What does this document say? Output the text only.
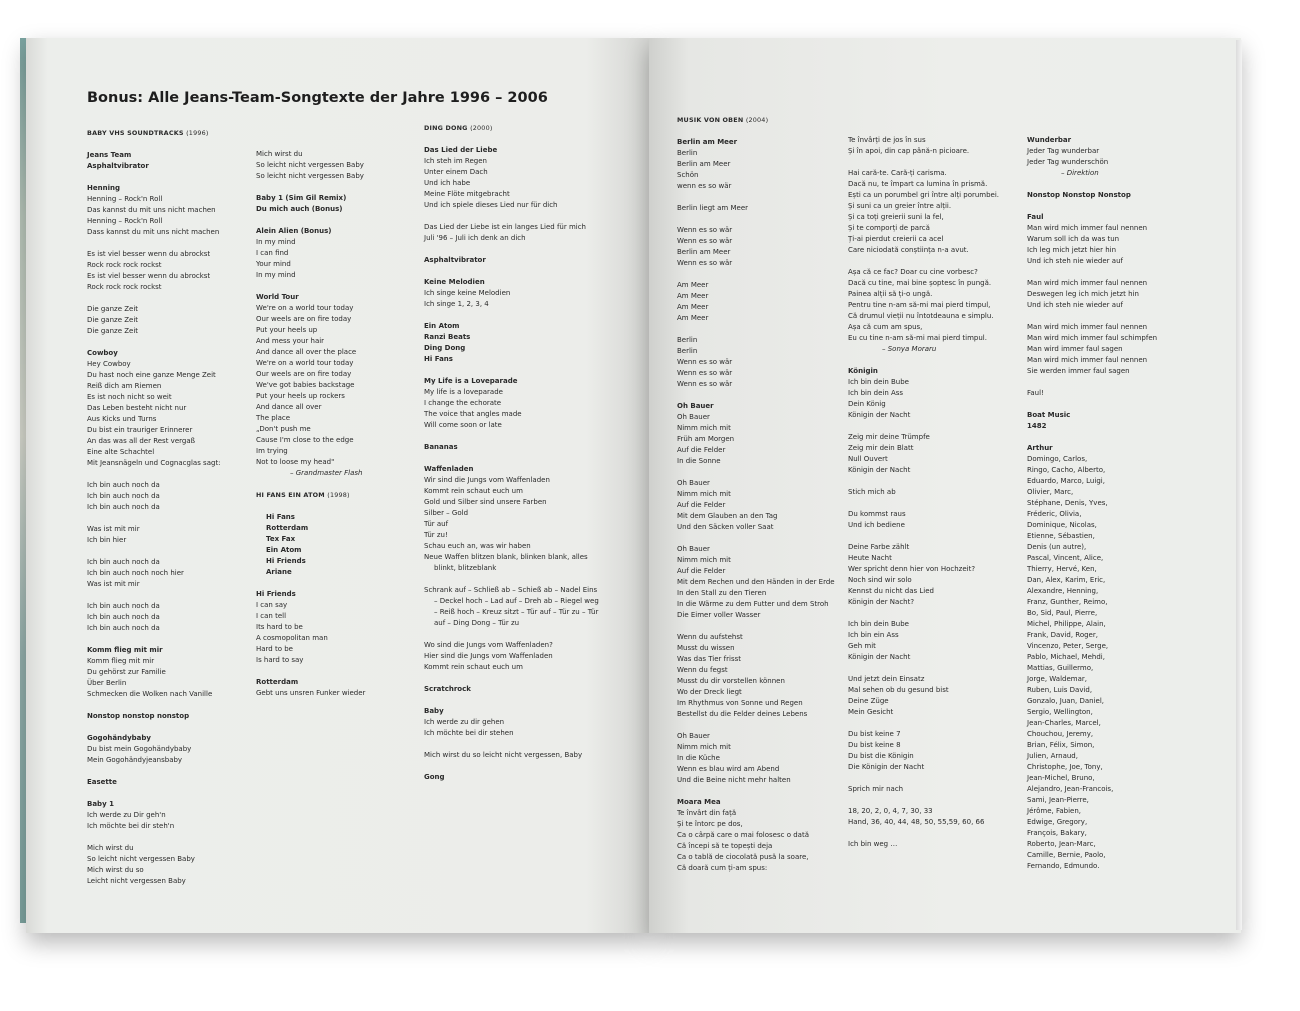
Bonus: Alle Jeans-Team-Songtexte der Jahre 1996 – 2006
BABY VHS SOUNDTRACKS (1996)
Jeans Team
Asphaltvibrator
Henning
Henning – Rock'n Roll
Das kannst du mit uns nicht machen
Henning – Rock'n Roll
Dass kannst du mit uns nicht machen
Es ist viel besser wenn du abrockst
Rock rock rock rockst
Es ist viel besser wenn du abrockst
Rock rock rock rockst
Die ganze Zeit
Die ganze Zeit
Die ganze Zeit
Cowboy
Hey Cowboy
Du hast noch eine ganze Menge Zeit
Reiß dich am Riemen
Es ist noch nicht so weit
Das Leben besteht nicht nur
Aus Kicks und Turns
Du bist ein trauriger Erinnerer
An das was all der Rest vergaß
Eine alte Schachtel
Mit Jeansnägeln und Cognacglas sagt:
Ich bin auch noch da
Ich bin auch noch da
Ich bin auch noch da
Was ist mit mir
Ich bin hier
Ich bin auch noch da
Ich bin auch noch noch hier
Was ist mit mir
Ich bin auch noch da
Ich bin auch noch da
Ich bin auch noch da
Komm flieg mit mir
Komm flieg mit mir
Du gehörst zur Familie
Über Berlin
Schmecken die Wolken nach Vanille
Nonstop nonstop nonstop
Gogohändybaby
Du bist mein Gogohändybaby
Mein Gogohändyjeansbaby
Easette
Baby 1
Ich werde zu Dir geh'n
Ich möchte bei dir steh'n
Mich wirst du
So leicht nicht vergessen Baby
Mich wirst du so
Leicht nicht vergessen Baby
Mich wirst du
So leicht nicht vergessen Baby
So leicht nicht vergessen Baby
Baby 1 (Sim Gil Remix)
Du mich auch (Bonus)
Alein Alien (Bonus)
In my mind
I can find
Your mind
In my mind
World Tour
We're on a world tour today
Our weels are on fire today
Put your heels up
And mess your hair
And dance all over the place
We're on a world tour today
Our weels are on fire today
We've got babies backstage
Put your heels up rockers
And dance all over
The place
„Don't push me
Cause I'm close to the edge
Im trying
Not to loose my head"
– Grandmaster Flash
HI FANS EIN ATOM (1998)
Hi Fans
Rotterdam
Tex Fax
Ein Atom
Hi Friends
Ariane
Hi Friends
I can say
I can tell
Its hard to be
A cosmopolitan man
Hard to be
Is hard to say
Rotterdam
Gebt uns unsren Funker wieder
DING DONG (2000)
Das Lied der Liebe
Ich steh im Regen
Unter einem Dach
Und ich habe
Meine Flöte mitgebracht
Und ich spiele dieses Lied nur für dich
Das Lied der Liebe ist ein langes Lied für mich
Juli '96 – Juli ich denk an dich
Asphaltvibrator
Keine Melodien
Ich singe keine Melodien
Ich singe 1, 2, 3, 4
Ein Atom
Ranzi Beats
Ding Dong
Hi Fans
My Life is a Loveparade
My life is a loveparade
I change the echorate
The voice that angles made
Will come soon or late
Bananas
Waffenladen
Wir sind die Jungs vom Waffenladen
Kommt rein schaut euch um
Gold und Silber sind unsere Farben
Silber – Gold
Tür auf
Tür zu!
Schau euch an, was wir haben
Neue Waffen blitzen blank, blinken blank, alles
blinkt, blitzeblank
Schrank auf – Schließ ab – Schieß ab – Nadel Eins
– Deckel hoch – Lad auf – Dreh ab – Riegel weg
– Reiß hoch – Kreuz sitzt – Tür auf – Tür zu – Tür
auf – Ding Dong – Tür zu
Wo sind die Jungs vom Waffenladen?
Hier sind die Jungs vom Waffenladen
Kommt rein schaut euch um
Scratchrock
Baby
Ich werde zu dir gehen
Ich möchte bei dir stehen
Mich wirst du so leicht nicht vergessen, Baby
Gong
MUSIK VON OBEN (2004)
Berlin am Meer
Berlin
Berlin am Meer
Schön
wenn es so wär
Berlin liegt am Meer
Wenn es so wär
Wenn es so wär
Berlin am Meer
Wenn es so wär
Am Meer
Am Meer
Am Meer
Am Meer
Berlin
Berlin
Wenn es so wär
Wenn es so wär
Wenn es so wär
Oh Bauer
Oh Bauer
Nimm mich mit
Früh am Morgen
Auf die Felder
In die Sonne
Oh Bauer
Nimm mich mit
Auf die Felder
Mit dem Glauben an den Tag
Und den Säcken voller Saat
Oh Bauer
Nimm mich mit
Auf die Felder
Mit dem Rechen und den Händen in der Erde
In den Stall zu den Tieren
In die Wärme zu dem Futter und dem Stroh
Die Eimer voller Wasser
Wenn du aufstehst
Musst du wissen
Was das Tier frisst
Wenn du fegst
Musst du dir vorstellen können
Wo der Dreck liegt
Im Rhythmus von Sonne und Regen
Bestellst du die Felder deines Lebens
Oh Bauer
Nimm mich mit
In die Küche
Wenn es blau wird am Abend
Und die Beine nicht mehr halten
Moara Mea
Te învârt din față
Și te întorc pe dos,
Ca o cârpă care o mai folosesc o dată
Că începi să te topești deja
Ca o tablă de ciocolată pusă la soare,
Că doară cum ți-am spus:
Te învârți de jos în sus
Și în apoi, din cap până-n picioare.
Hai cară-te. Cară-ți carisma.
Dacă nu, te împart ca lumina în prismă.
Ești ca un porumbel gri între alți porumbei.
Și suni ca un greier între alții.
Și ca toți greierii suni la fel,
Și te comporți de parcă
Ți-ai pierdut creierii ca acel
Care niciodată conștiința n-a avut.
Așa că ce fac? Doar cu cine vorbesc?
Dacă cu tine, mai bine șoptesc în pungă.
Painea alții să ți-o ungă.
Pentru tine n-am să-mi mai pierd timpul,
Că drumul vieții nu întotdeauna e simplu.
Așa că cum am spus,
Eu cu tine n-am să-mi mai pierd timpul.
– Sonya Moraru
Königin
Ich bin dein Bube
Ich bin dein Ass
Dein König
Königin der Nacht
Zeig mir deine Trümpfe
Zeig mir dein Blatt
Null Ouvert
Königin der Nacht
Stich mich ab
Du kommst raus
Und ich bediene
Deine Farbe zählt
Heute Nacht
Wer spricht denn hier von Hochzeit?
Noch sind wir solo
Kennst du nicht das Lied
Königin der Nacht?
Ich bin dein Bube
Ich bin ein Ass
Geh mit
Königin der Nacht
Und jetzt dein Einsatz
Mal sehen ob du gesund bist
Deine Züge
Mein Gesicht
Du bist keine 7
Du bist keine 8
Du bist die Königin
Die Königin der Nacht
Sprich mir nach
18, 20, 2, 0, 4, 7, 30, 33
Hand, 36, 40, 44, 48, 50, 55,59, 60, 66
Ich bin weg …
Wunderbar
Jeder Tag wunderbar
Jeder Tag wunderschön
– Direktion
Nonstop Nonstop Nonstop
Faul
Man wird mich immer faul nennen
Warum soll ich da was tun
Ich leg mich jetzt hier hin
Und ich steh nie wieder auf
Man wird mich immer faul nennen
Deswegen leg ich mich jetzt hin
Und ich steh nie wieder auf
Man wird mich immer faul nennen
Man wird mich immer faul schimpfen
Man wird immer faul sagen
Man wird mich immer faul nennen
Sie werden immer faul sagen
Faul!
Boat Music
1482
Arthur
Domingo, Carlos,
Ringo, Cacho, Alberto,
Eduardo, Marco, Luigi,
Olivier, Marc,
Stéphane, Denis, Yves,
Fréderic, Olivia,
Dominique, Nicolas,
Etienne, Sébastien,
Denis (un autre),
Pascal, Vincent, Alice,
Thierry, Hervé, Ken,
Dan, Alex, Karim, Eric,
Alexandre, Henning,
Franz, Gunther, Reimo,
Bo, Sid, Paul, Pierre,
Michel, Philippe, Alain,
Frank, David, Roger,
Vincenzo, Peter, Serge,
Pablo, Michael, Mehdi,
Mattias, Guillermo,
Jorge, Waldemar,
Ruben, Luis David,
Gonzalo, Juan, Daniel,
Sergio, Wellington,
Jean-Charles, Marcel,
Chouchou, Jeremy,
Brian, Félix, Simon,
Julien, Arnaud,
Christophe, Joe, Tony,
Jean-Michel, Bruno,
Alejandro, Jean-Francois,
Sami, Jean-Pierre,
Jérôme, Fabien,
Edwige, Gregory,
François, Bakary,
Roberto, Jean-Marc,
Camille, Bernie, Paolo,
Fernando, Edmundo.
